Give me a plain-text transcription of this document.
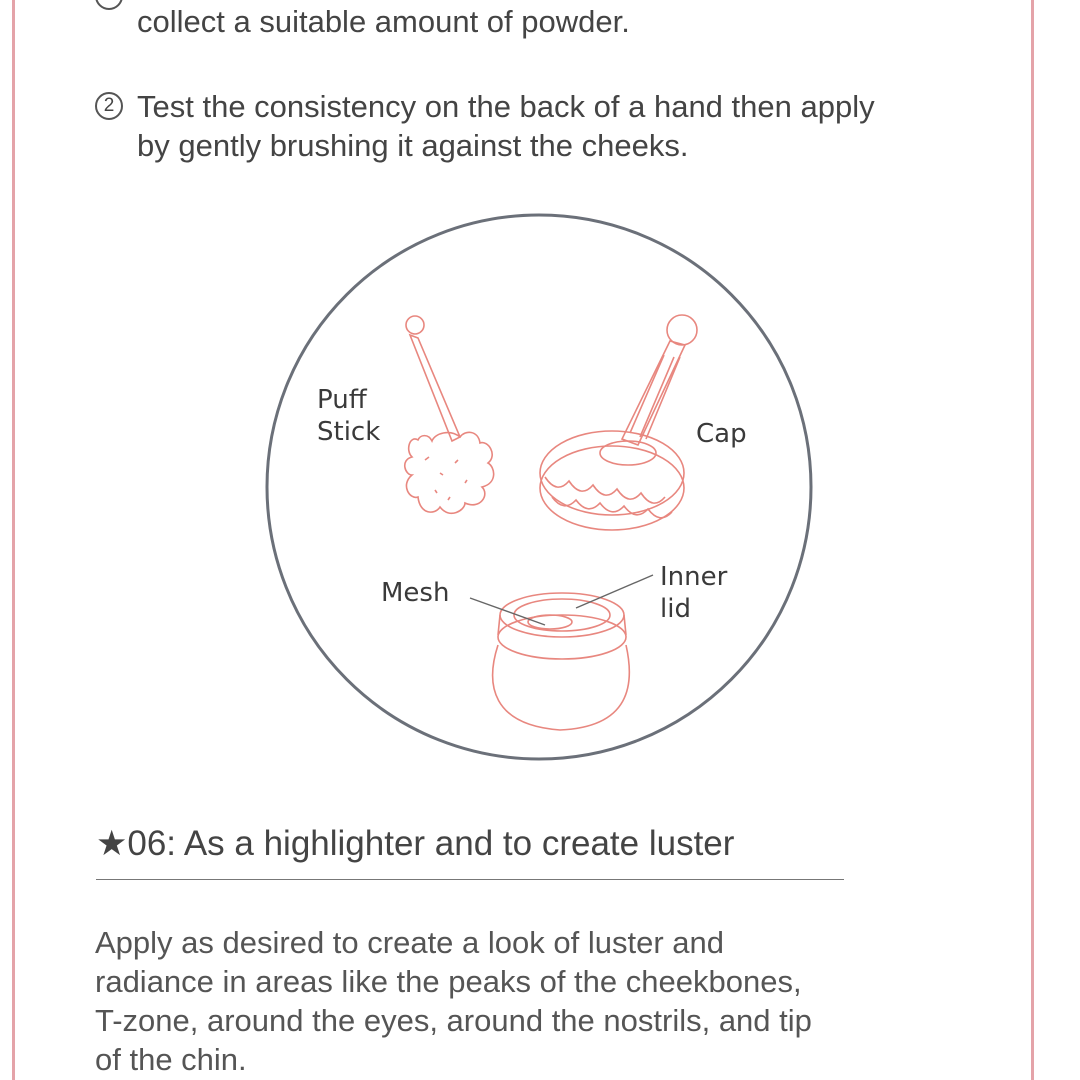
collect a suitable amount of powder.
2 Test the consistency on the back of a hand then apply
by gently brushing it against the cheeks.
Puff
Stick	Cap
Mesh
Inner
lid
★06: As a highlighter and to create luster
Apply as desired to create a look of luster and
radiance in areas like the peaks of the cheekbones,
T-zone, around the eyes, around the nostrils, and tip
of the chin.
